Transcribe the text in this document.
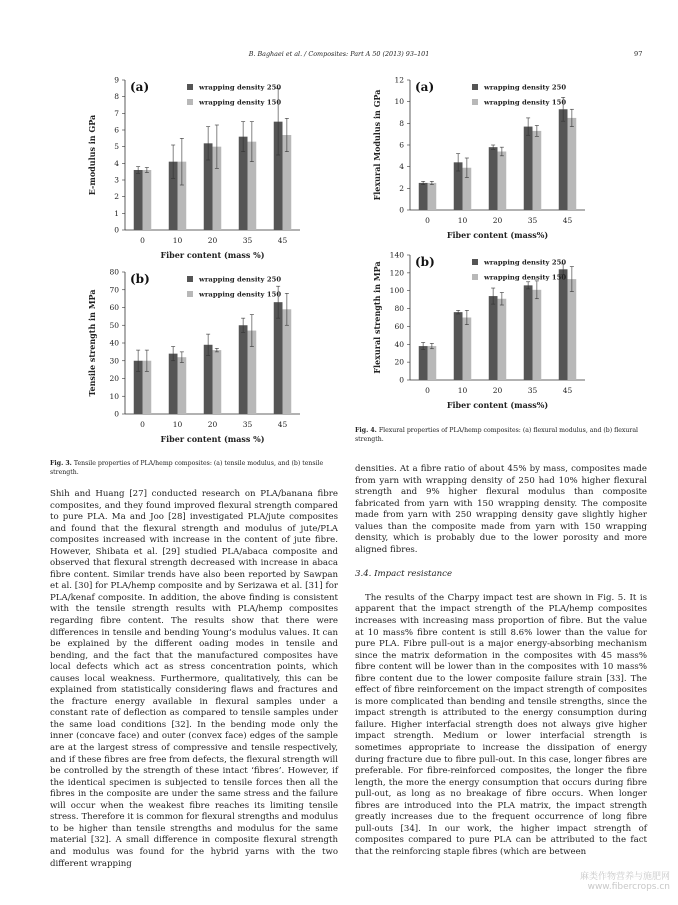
B. Baghaei et al. / Composites: Part A 50 (2013) 93–101	97
0
1
2
3
4
5
6
7
8
9
E-modulus in GPa
0	10	20	35	45
Fiber content (mass %)
(a)	wrapping density 250
wrapping density 150
0
10
20
30
40
50
60
70
80
Tensile strength in MPa
0	10	20	35	45
Fiber content (mass %)
(b)	wrapping density 250
wrapping density 150
0
2
4
6
8
10
12
Flexural Modulus in GPa
0	10	20	35	45
Fiber content (mass%)
(a)	wrapping density 250
wrapping density 150
0
20
40
60
80
100
120
140
Flexural strength in MPa
0	10	20	35	45
Fiber content (mass%)
(b)	wrapping density 250
wrapping density 150
Fig. 4. Flexural properties of PLA/hemp composites: (a) flexural modulus, and (b) flexural strength.
Fig. 3. Tensile properties of PLA/hemp composites: (a) tensile modulus, and (b) tensile strength.

Shih and Huang [27] conducted research on PLA/banana fibre composites, and they found improved flexural strength compared to pure PLA. Ma and Joo [28] investigated PLA/jute composites and found that the flexural strength and modulus of jute/PLA composites increased with increase in the content of jute fibre. However, Shibata et al. [29] studied PLA/abaca composite and observed that flexural strength decreased with increase in abaca fibre content. Similar trends have also been reported by Sawpan et al. [30] for PLA/hemp composite and by Serizawa et al. [31] for PLA/kenaf composite. In addition, the above finding is consistent with the tensile strength results with PLA/hemp composites regarding fibre content. The results show that there were differences in tensile and bending Young’s modulus values. It can be explained by the different oading modes in tensile and bending, and the fact that the manufactured composites have local defects which act as stress concentration points, which causes local weakness. Furthermore, qualitatively, this can be explained from statistically considering flaws and fractures and the fracture energy available in flexural samples under a constant rate of deflection as compared to tensile samples under the same load conditions [32]. In the bending mode only the inner (concave face) and outer (convex face) edges of the sample are at the largest stress of compressive and tensile respectively, and if these fibres are free from defects, the flexural strength will be controlled by the strength of these intact ‘fibres’. However, if the identical specimen is subjected to tensile forces then all the fibres in the composite are under the same stress and the failure will occur when the weakest fibre reaches its limiting tensile stress. Therefore it is common for flexural strengths and modulus to be higher than tensile strengths and modulus for the same material [32]. A small difference in composite flexural strength and modulus was found for the hybrid yarns with the two different wrapping

densities. At a fibre ratio of about 45% by mass, composites made from yarn with wrapping density of 250 had 10% higher flexural strength and 9% higher flexural modulus than composite fabricated from yarn with 150 wrapping density. The composite made from yarn with 250 wrapping density gave slightly higher values than the composite made from yarn with 150 wrapping density, which is probably due to the lower porosity and more aligned fibres.

3.4. Impact resistance

The results of the Charpy impact test are shown in Fig. 5. It is apparent that the impact strength of the PLA/hemp composites increases with increasing mass proportion of fibre. But the value at 10 mass% fibre content is still 8.6% lower than the value for pure PLA. Fibre pull-out is a major energy-absorbing mechanism since the matrix deformation in the composites with 45 mass% fibre content will be lower than in the composites with 10 mass% fibre content due to the lower composite failure strain [33]. The effect of fibre reinforcement on the impact strength of composites is more complicated than bending and tensile strengths, since the impact strength is attributed to the energy consumption during failure. Higher interfacial strength does not always give higher impact strength. Medium or lower interfacial strength is sometimes appropriate to increase the dissipation of energy during fracture due to fibre pull-out. In this case, longer fibres are preferable. For fibre-reinforced composites, the longer the fibre length, the more the energy consumption that occurs during fibre pull-out, as long as no breakage of fibre occurs. When longer fibres are introduced into the PLA matrix, the impact strength greatly increases due to the frequent occurrence of long fibre pull-outs [34]. In our work, the higher impact strength of composites compared to pure PLA can be attributed to the fact that the reinforcing staple fibres (which are between

麻类作物营养与施肥网
www.fibercrops.cn
